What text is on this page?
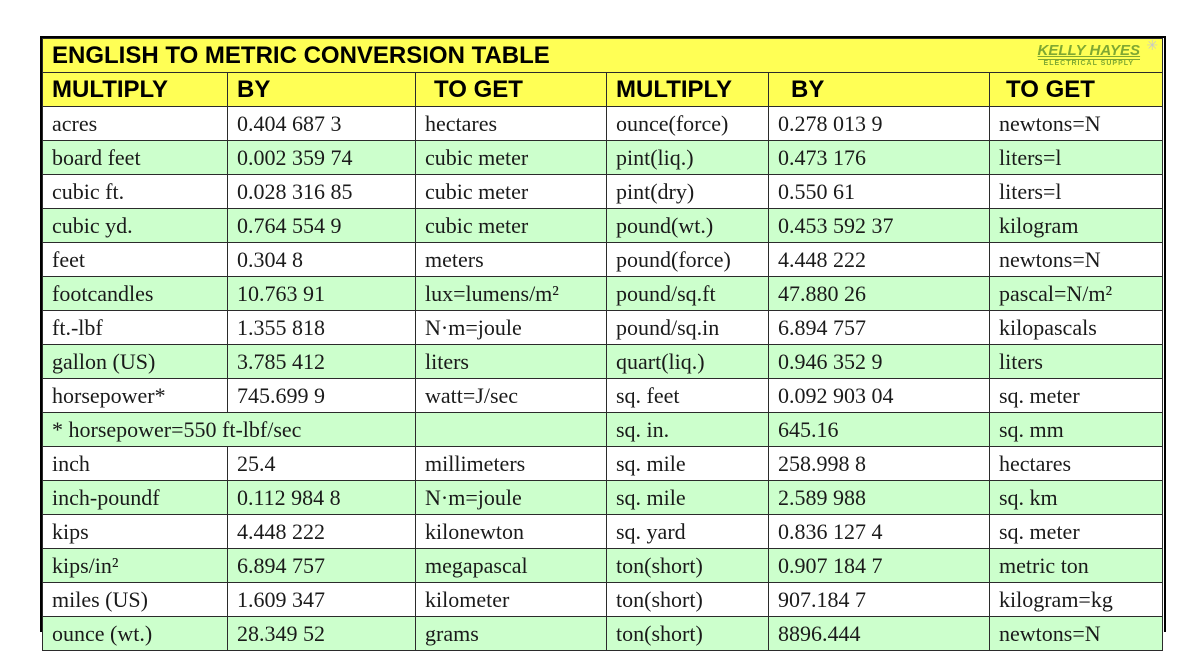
ENGLISH TO METRIC CONVERSION TABLE KELLY HAYES
ELECTRICAL SUPPLY
✳					

MULTIPLY	BY	TO GET	MULTIPLY	BY	TO GET
acres	0.404 687 3	hectares	ounce(force)	0.278 013 9	newtons=N
board feet	0.002 359 74	cubic meter	pint(liq.)	0.473 176	liters=l
cubic ft.	0.028 316 85	cubic meter	pint(dry)	0.550 61	liters=l
cubic yd.	0.764 554 9	cubic meter	pound(wt.)	0.453 592 37	kilogram
feet	0.304 8	meters	pound(force)	4.448 222	newtons=N
footcandles	10.763 91	lux=lumens/m²	pound/sq.ft	47.880 26	pascal=N/m²
ft.-lbf	1.355 818	N·m=joule	pound/sq.in	6.894 757	kilopascals
gallon (US)	3.785 412	liters	quart(liq.)	0.946 352 9	liters
horsepower*	745.699 9	watt=J/sec	sq. feet	0.092 903 04	sq. meter
* horsepower=550 ft-lbf/sec			sq. in.	645.16	sq. mm
inch	25.4	millimeters	sq. mile	258.998 8	hectares
inch-poundf	0.112 984 8	N·m=joule	sq. mile	2.589 988	sq. km
kips	4.448 222	kilonewton	sq. yard	0.836 127 4	sq. meter
kips/in²	6.894 757	megapascal	ton(short)	0.907 184 7	metric ton
miles (US)	1.609 347	kilometer	ton(short)	907.184 7	kilogram=kg
ounce (wt.)	28.349 52	grams	ton(short)	8896.444	newtons=N
